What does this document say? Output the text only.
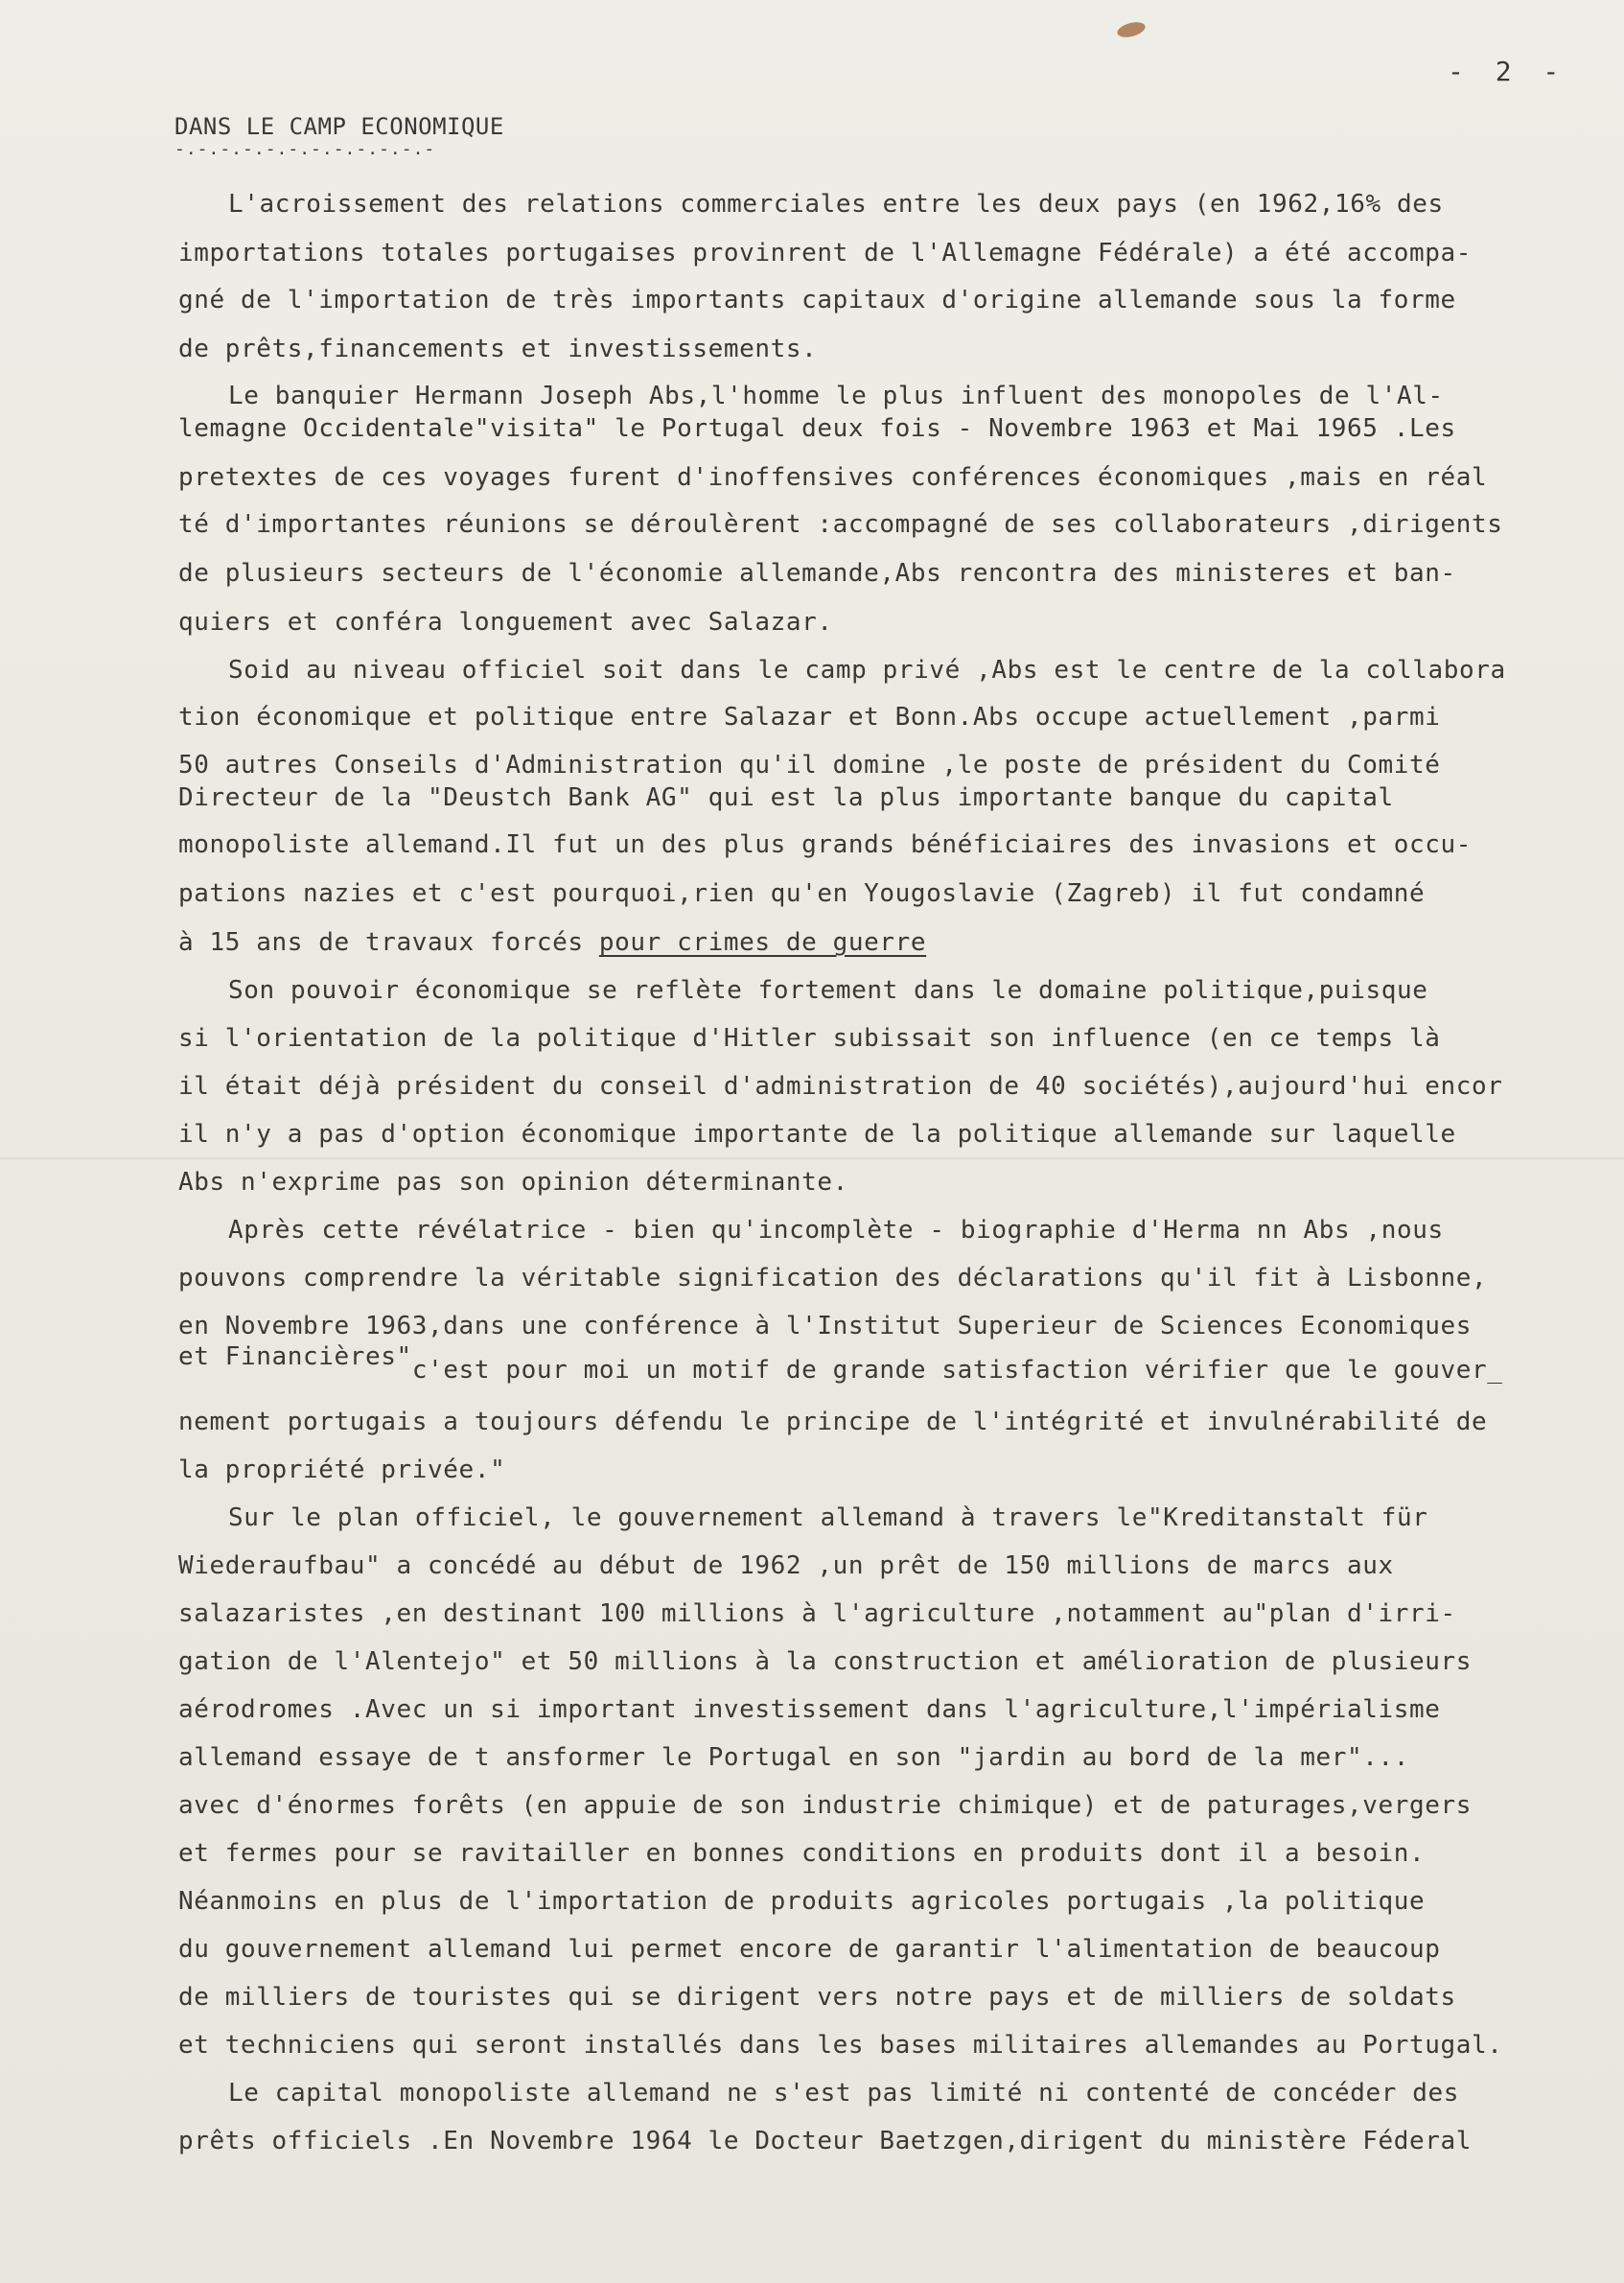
- 2 -
DANS LE CAMP ECONOMIQUE
-.-.-.-.-.-.-.-.-.-.-.-
L'acroissement des relations commerciales entre les deux pays (en 1962,16% des
importations totales portugaises provinrent de l'Allemagne Fédérale) a été accompa-
gné de l'importation de très importants capitaux d'origine allemande sous la forme
de prêts,financements et investissements.
Le banquier Hermann Joseph Abs,l'homme le plus influent des monopoles de l'Al-
lemagne Occidentale"visita" le Portugal deux fois - Novembre 1963 et Mai 1965 .Les
pretextes de ces voyages furent d'inoffensives conférences économiques ,mais en réal
té d'importantes réunions se déroulèrent :accompagné de ses collaborateurs ,dirigents
de plusieurs secteurs de l'économie allemande,Abs rencontra des ministeres et ban-
quiers et conféra longuement avec Salazar.
Soid au niveau officiel soit dans le camp privé ,Abs est le centre de la collabora
tion économique et politique entre Salazar et Bonn.Abs occupe actuellement ,parmi
50 autres Conseils d'Administration qu'il domine ,le poste de président du Comité
Directeur de la "Deustch Bank AG" qui est la plus importante banque du capital
monopoliste allemand.Il fut un des plus grands bénéficiaires des invasions et occu-
pations nazies et c'est pourquoi,rien qu'en Yougoslavie (Zagreb) il fut condamné
à 15 ans de travaux forcés pour crimes de guerre
Son pouvoir économique se reflète fortement dans le domaine politique,puisque
si l'orientation de la politique d'Hitler subissait son influence (en ce temps là
il était déjà président du conseil d'administration de 40 sociétés),aujourd'hui encor
il n'y a pas d'option économique importante de la politique allemande sur laquelle
Abs n'exprime pas son opinion déterminante.
Après cette révélatrice - bien qu'incomplète - biographie d'Herma nn Abs ,nous
pouvons comprendre la véritable signification des déclarations qu'il fit à Lisbonne,
en Novembre 1963,dans une conférence à l'Institut Superieur de Sciences Economiques
et Financières"c'est pour moi un motif de grande satisfaction vérifier que le gouver_
nement portugais a toujours défendu le principe de l'intégrité et invulnérabilité de
la propriété privée."
Sur le plan officiel, le gouvernement allemand à travers le"Kreditanstalt für
Wiederaufbau" a concédé au début de 1962 ,un prêt de 150 millions de marcs aux
salazaristes ,en destinant 100 millions à l'agriculture ,notamment au"plan d'irri-
gation de l'Alentejo" et 50 millions à la construction et amélioration de plusieurs
aérodromes .Avec un si important investissement dans l'agriculture,l'impérialisme
allemand essaye de t ansformer le Portugal en son "jardin au bord de la mer"...
avec d'énormes forêts (en appuie de son industrie chimique) et de paturages,vergers
et fermes pour se ravitailler en bonnes conditions en produits dont il a besoin.
Néanmoins en plus de l'importation de produits agricoles portugais ,la politique
du gouvernement allemand lui permet encore de garantir l'alimentation de beaucoup
de milliers de touristes qui se dirigent vers notre pays et de milliers de soldats
et techniciens qui seront installés dans les bases militaires allemandes au Portugal.
Le capital monopoliste allemand ne s'est pas limité ni contenté de concéder des
prêts officiels .En Novembre 1964 le Docteur Baetzgen,dirigent du ministère Féderal
